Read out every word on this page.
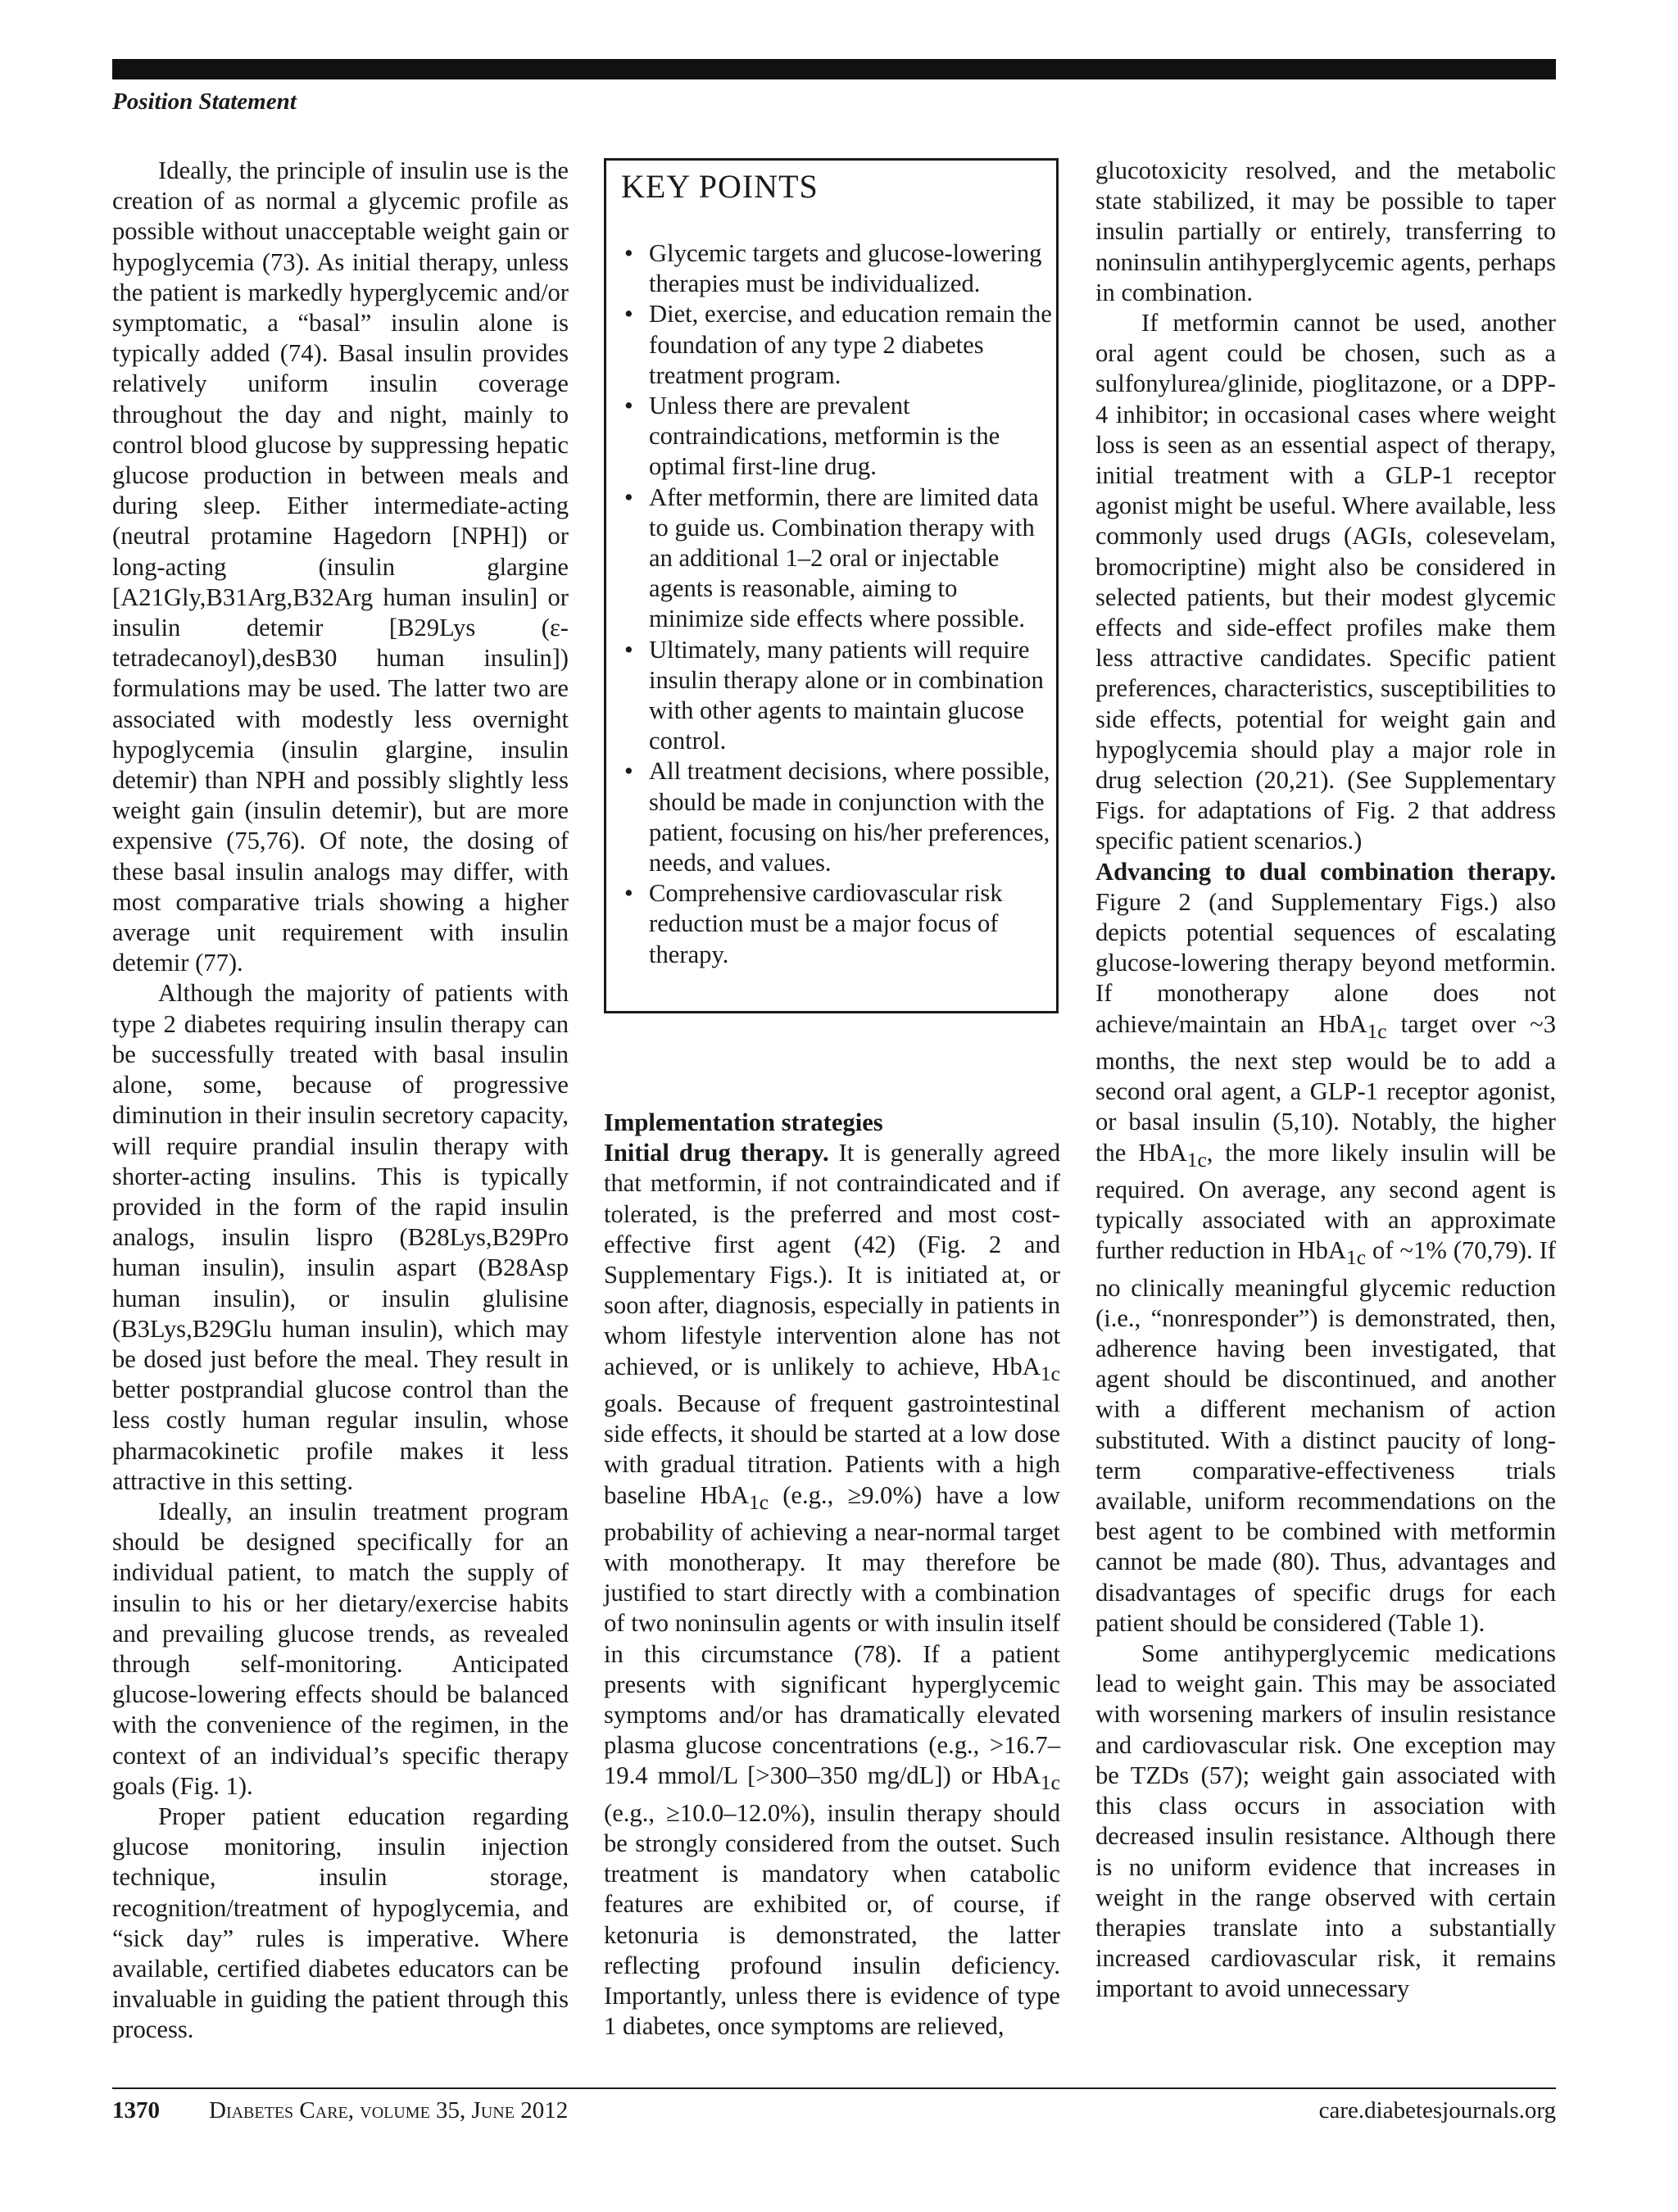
Position Statement

Ideally, the principle of insulin use is the creation of as normal a glycemic profile as possible without unacceptable weight gain or hypoglycemia (73). As initial therapy, unless the patient is markedly hyperglycemic and/or symptomatic, a “basal” insulin alone is typically added (74). Basal insulin provides relatively uniform insulin coverage throughout the day and night, mainly to control blood glucose by suppressing hepatic glucose production in between meals and during sleep. Either intermediate-acting (neutral protamine Hagedorn [NPH]) or long-acting (insulin glargine [A21Gly,B31Arg,B32Arg human insulin] or insulin detemir [B29Lys (ε-tetradecanoyl),desB30 human insulin]) formulations may be used. The latter two are associated with modestly less overnight hypoglycemia (insulin glargine, insulin detemir) than NPH and possibly slightly less weight gain (insulin detemir), but are more expensive (75,76). Of note, the dosing of these basal insulin analogs may differ, with most comparative trials showing a higher average unit requirement with insulin detemir (77).

Although the majority of patients with type 2 diabetes requiring insulin therapy can be successfully treated with basal insulin alone, some, because of progressive diminution in their insulin secretory capacity, will require prandial insulin therapy with shorter-acting insulins. This is typically provided in the form of the rapid insulin analogs, insulin lispro (B28Lys,B29Pro human insulin), insulin aspart (B28Asp human insulin), or insulin glulisine (B3Lys,B29Glu human insulin), which may be dosed just before the meal. They result in better postprandial glucose control than the less costly human regular insulin, whose pharmacokinetic profile makes it less attractive in this setting.

Ideally, an insulin treatment program should be designed specifically for an individual patient, to match the supply of insulin to his or her dietary/exercise habits and prevailing glucose trends, as revealed through self-monitoring. Anticipated glucose-lowering effects should be balanced with the convenience of the regimen, in the context of an individual’s specific therapy goals (Fig. 1).

Proper patient education regarding glucose monitoring, insulin injection technique, insulin storage, recognition/treatment of hypoglycemia, and “sick day” rules is imperative. Where available, certified diabetes educators can be invaluable in guiding the patient through this process.

KEY POINTS
• Glycemic targets and glucose-lowering therapies must be individualized.
• Diet, exercise, and education remain the foundation of any type 2 diabetes treatment program.
• Unless there are prevalent contraindications, metformin is the optimal first-line drug.
• After metformin, there are limited data to guide us. Combination therapy with an additional 1–2 oral or injectable agents is reasonable, aiming to minimize side effects where possible.
• Ultimately, many patients will require insulin therapy alone or in combination with other agents to maintain glucose control.
• All treatment decisions, where possible, should be made in conjunction with the patient, focusing on his/her preferences, needs, and values.
• Comprehensive cardiovascular risk reduction must be a major focus of therapy.
Implementation strategies

Initial drug therapy. It is generally agreed that metformin, if not contraindicated and if tolerated, is the preferred and most cost-effective first agent (42) (Fig. 2 and Supplementary Figs.). It is initiated at, or soon after, diagnosis, especially in patients in whom lifestyle intervention alone has not achieved, or is unlikely to achieve, HbA$_{1c}$ goals. Because of frequent gastrointestinal side effects, it should be started at a low dose with gradual titration. Patients with a high baseline HbA$_{1c}$ (e.g., ≥9.0%) have a low probability of achieving a near-normal target with monotherapy. It may therefore be justified to start directly with a combination of two noninsulin agents or with insulin itself in this circumstance (78). If a patient presents with significant hyperglycemic symptoms and/or has dramatically elevated plasma glucose concentrations (e.g., >16.7–19.4 mmol/L [>300–350 mg/dL]) or HbA$_{1c}$ (e.g., ≥10.0–12.0%), insulin therapy should be strongly considered from the outset. Such treatment is mandatory when catabolic features are exhibited or, of course, if ketonuria is demonstrated, the latter reflecting profound insulin deficiency. Importantly, unless there is evidence of type 1 diabetes, once symptoms are relieved,

glucotoxicity resolved, and the metabolic state stabilized, it may be possible to taper insulin partially or entirely, transferring to noninsulin antihyperglycemic agents, perhaps in combination.

If metformin cannot be used, another oral agent could be chosen, such as a sulfonylurea/glinide, pioglitazone, or a DPP-4 inhibitor; in occasional cases where weight loss is seen as an essential aspect of therapy, initial treatment with a GLP-1 receptor agonist might be useful. Where available, less commonly used drugs (AGIs, colesevelam, bromocriptine) might also be considered in selected patients, but their modest glycemic effects and side-effect profiles make them less attractive candidates. Specific patient preferences, characteristics, susceptibilities to side effects, potential for weight gain and hypoglycemia should play a major role in drug selection (20,21). (See Supplementary Figs. for adaptations of Fig. 2 that address specific patient scenarios.)

Advancing to dual combination therapy. Figure 2 (and Supplementary Figs.) also depicts potential sequences of escalating glucose-lowering therapy beyond metformin. If monotherapy alone does not achieve/maintain an HbA$_{1c}$ target over ~3 months, the next step would be to add a second oral agent, a GLP-1 receptor agonist, or basal insulin (5,10). Notably, the higher the HbA$_{1c}$, the more likely insulin will be required. On average, any second agent is typically associated with an approximate further reduction in HbA$_{1c}$ of ~1% (70,79). If no clinically meaningful glycemic reduction (i.e., “nonresponder”) is demonstrated, then, adherence having been investigated, that agent should be discontinued, and another with a different mechanism of action substituted. With a distinct paucity of long-term comparative-effectiveness trials available, uniform recommendations on the best agent to be combined with metformin cannot be made (80). Thus, advantages and disadvantages of specific drugs for each patient should be considered (Table 1).

Some antihyperglycemic medications lead to weight gain. This may be associated with worsening markers of insulin resistance and cardiovascular risk. One exception may be TZDs (57); weight gain associated with this class occurs in association with decreased insulin resistance. Although there is no uniform evidence that increases in weight in the range observed with certain therapies translate into a substantially increased cardiovascular risk, it remains important to avoid unnecessary

1370 Diabetes Care, volume 35, June 2012	care.diabetesjournals.org
